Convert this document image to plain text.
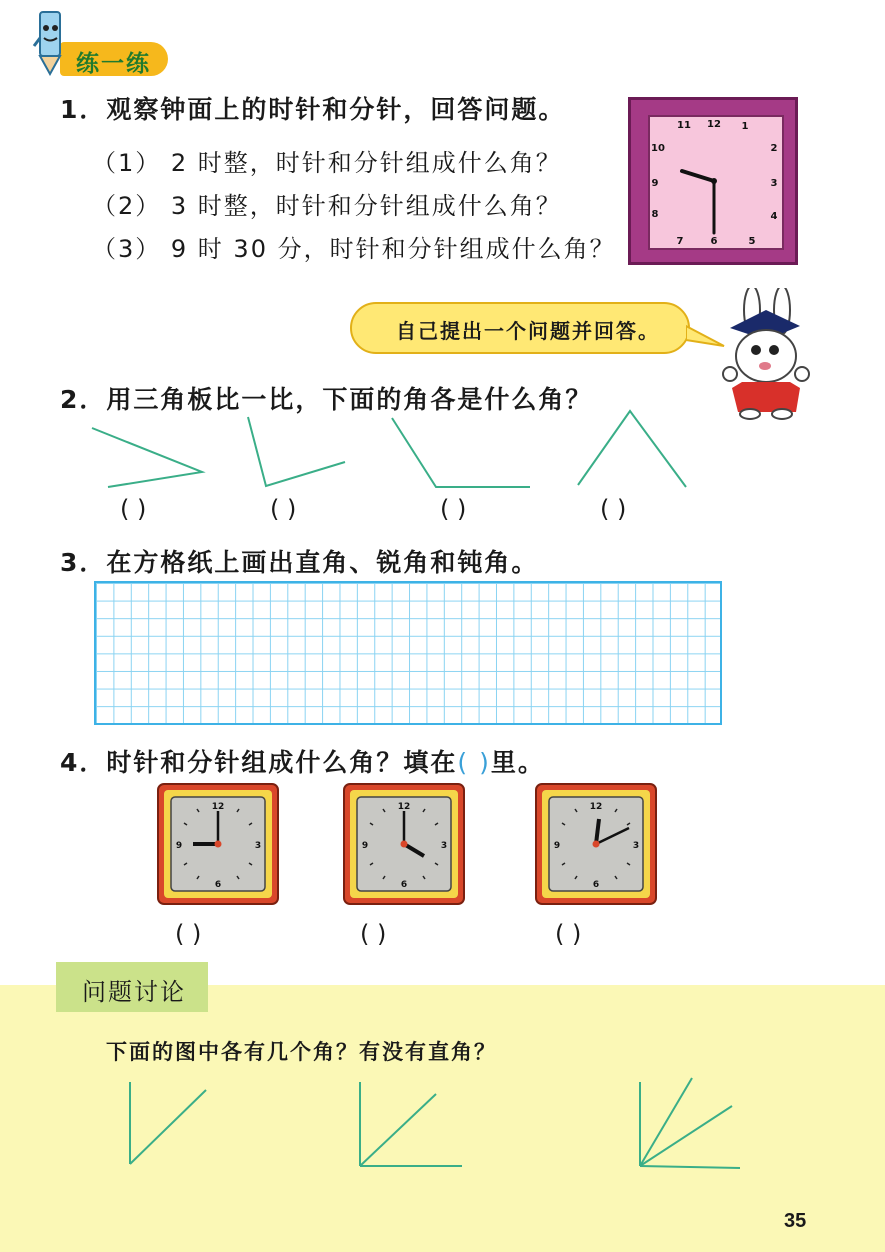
练一练
1．观察钟面上的时针和分针，回答问题。
（1） 2 时整，时针和分针组成什么角？
（2） 3 时整，时针和分针组成什么角？
（3） 9 时 30 分，时针和分针组成什么角？
12 1
2
3
4
5
6
7
8
9
10
11
自己提出一个问题并回答。
2．用三角板比一比，下面的角各是什么角？
( )	( )	( )	( )
3．在方格纸上画出直角、锐角和钝角。
4．时针和分针组成什么角？填在( )里。
12
3
6
9
12
3
6
9
12
3
6
9
( )	( )	( )
问题讨论
下面的图中各有几个角？有没有直角？
35
